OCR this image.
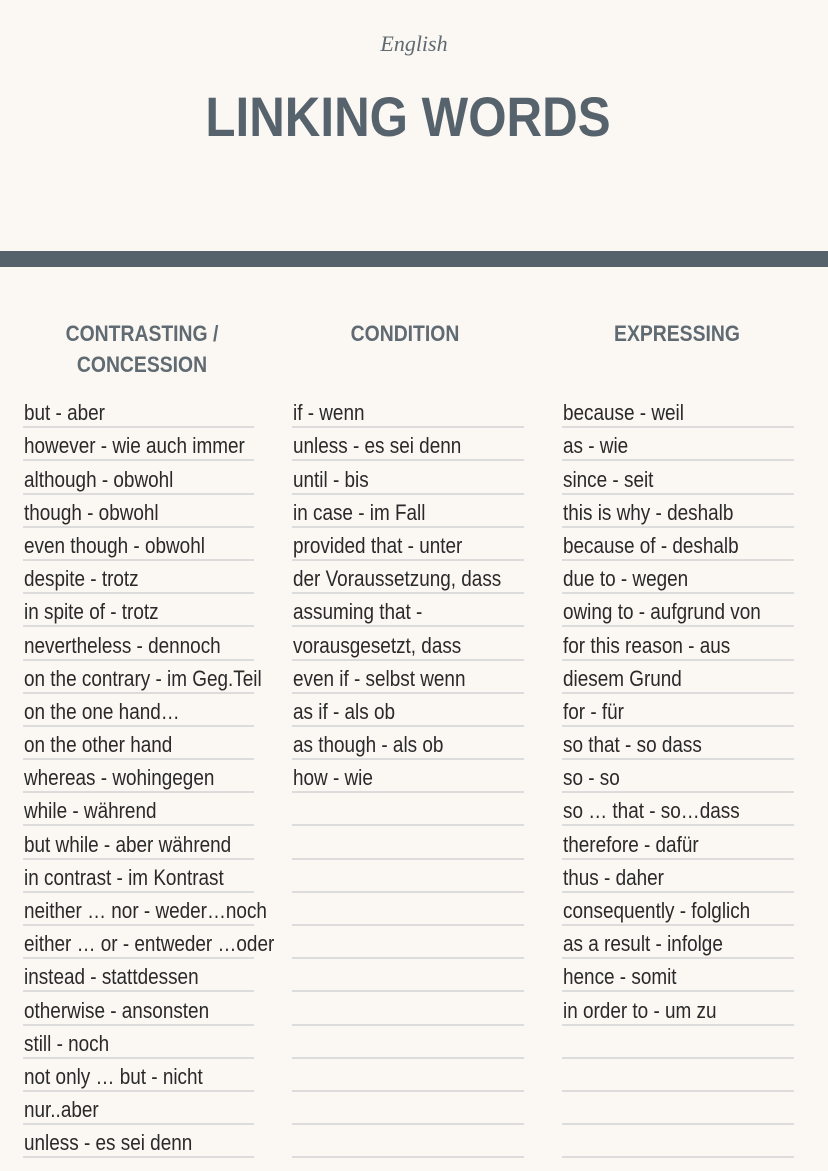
English
LINKING WORDS
CONTRASTING /
CONCESSION
CONDITION	EXPRESSING
but - aber
however - wie auch immer
although - obwohl
though - obwohl
even though - obwohl
despite - trotz
in spite of - trotz
nevertheless - dennoch
on the contrary - im Geg.Teil
on the one hand…
on the other hand
whereas - wohingegen
while - während
but while - aber während
in contrast - im Kontrast
neither … nor - weder…noch
either … or - entweder …oder
instead - stattdessen
otherwise - ansonsten
still - noch
not only … but - nicht
nur..aber
unless - es sei denn
if - wenn
unless - es sei denn
until - bis
in case - im Fall
provided that - unter
der Voraussetzung, dass
assuming that -
vorausgesetzt, dass
even if - selbst wenn
as if - als ob
as though - als ob
how - wie
because - weil
as - wie
since - seit
this is why - deshalb
because of - deshalb
due to - wegen
owing to - aufgrund von
for this reason - aus
diesem Grund
for - für
so that - so dass
so - so
so … that - so…dass
therefore - dafür
thus - daher
consequently - folglich
as a result - infolge
hence - somit
in order to - um zu
